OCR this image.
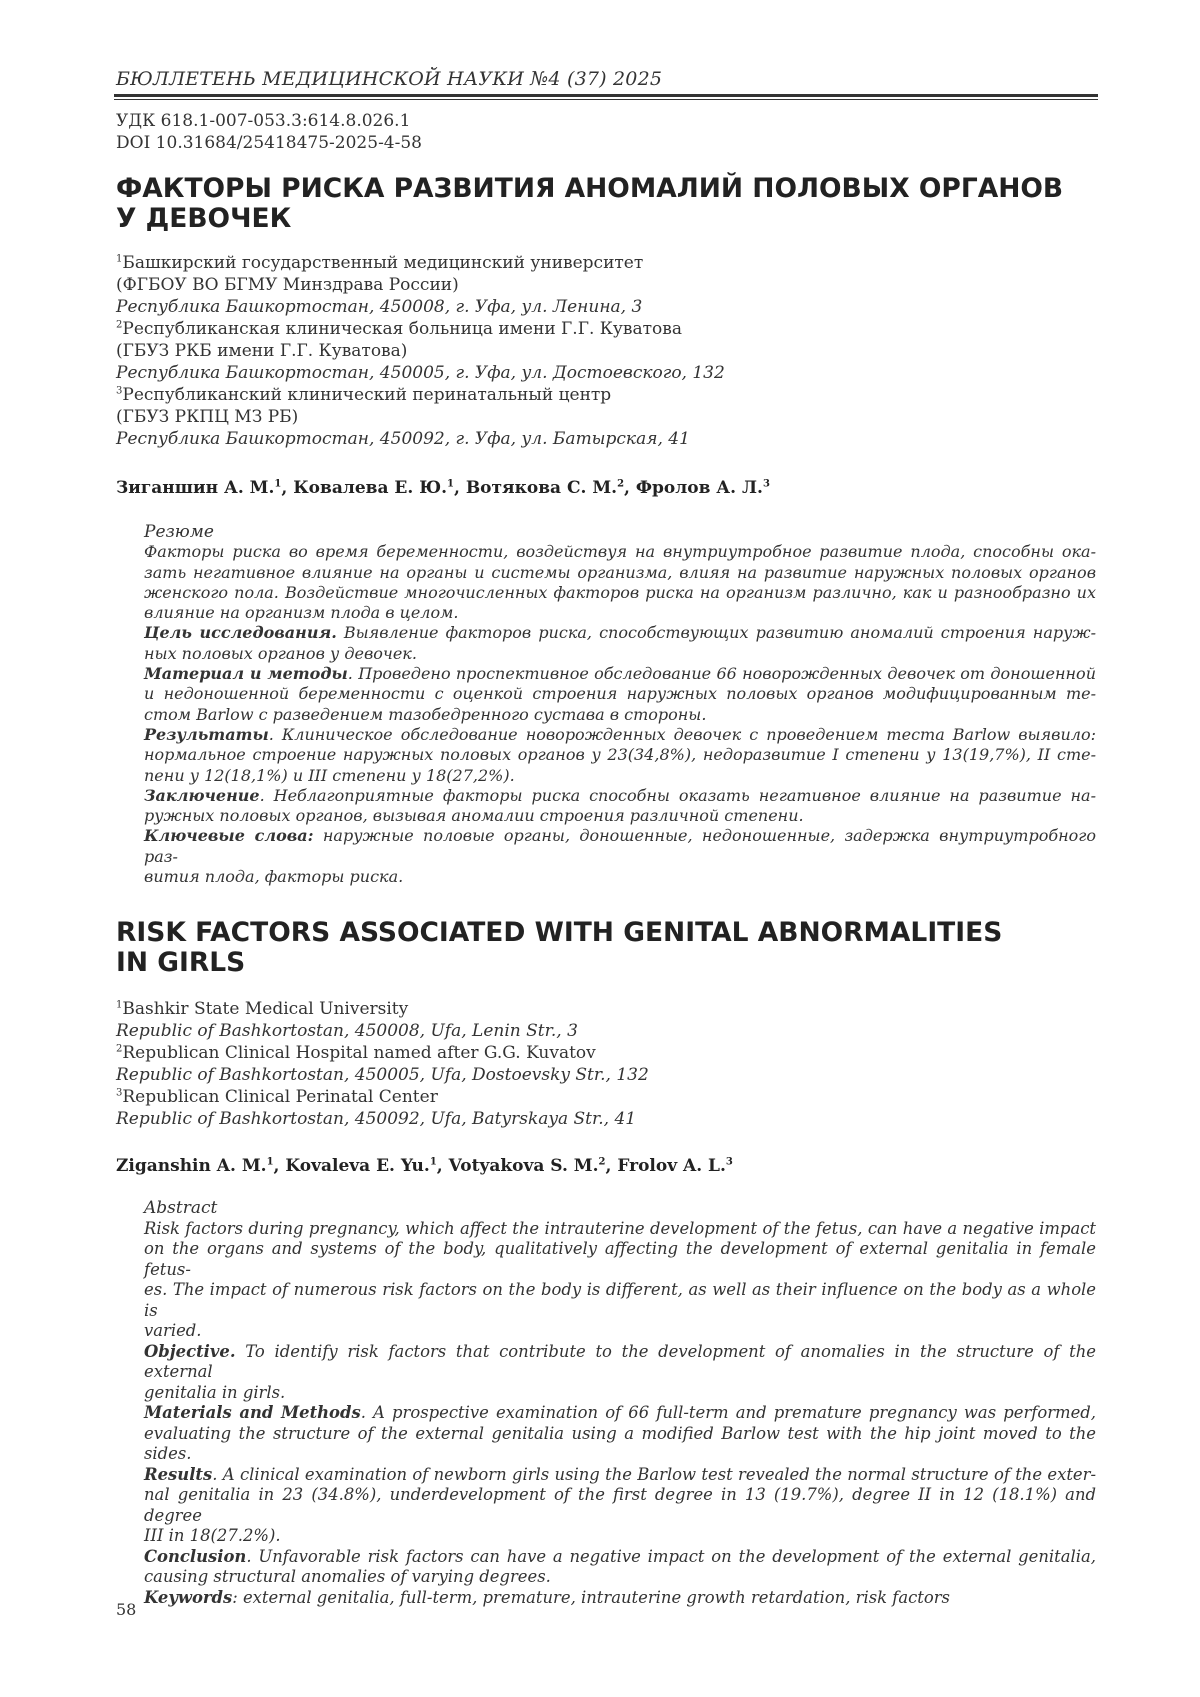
БЮЛЛЕТЕНЬ МЕДИЦИНСКОЙ НАУКИ №4 (37) 2025
УДК 618.1-007-053.3:614.8.026.1
DOI 10.31684/25418475-2025-4-58
ФАКТОРЫ РИСКА РАЗВИТИЯ АНОМАЛИЙ ПОЛОВЫХ ОРГАНОВ
У ДЕВОЧЕК
$^1$Башкирский государственный медицинский университет
(ФГБОУ ВО БГМУ Минздрава России)
Республика Башкортостан, 450008, г. Уфа, ул. Ленина, 3
$^2$Республиканская клиническая больница имени Г.Г. Куватова
(ГБУЗ РКБ имени Г.Г. Куватова)
Республика Башкортостан, 450005, г. Уфа, ул. Достоевского, 132
$^3$Республиканский клинический перинатальный центр
(ГБУЗ РКПЦ МЗ РБ)
Республика Башкортостан, 450092, г. Уфа, ул. Батырская, 41
Зиганшин А. М.$^1$, Ковалева Е. Ю.$^1$, Вотякова С. М.$^2$, Фролов А. Л.$^3$
Резюме
Факторы риска во время беременности, воздействуя на внутриутробное развитие плода, способны ока-
зать негативное влияние на органы и системы организма, влияя на развитие наружных половых органов
женского пола. Воздействие многочисленных факторов риска на организм различно, как и разнообразно их
влияние на организм плода в целом.
Цель исследования. Выявление факторов риска, способствующих развитию аномалий строения наруж-
ных половых органов у девочек.
Материал и методы. Проведено проспективное обследование 66 новорожденных девочек от доношенной
и недоношенной беременности с оценкой строения наружных половых органов модифицированным те-
стом Barlow с разведением тазобедренного сустава в стороны.
Результаты. Клиническое обследование новорожденных девочек с проведением теста Barlow выявило:
нормальное строение наружных половых органов у 23(34,8%), недоразвитие I степени у 13(19,7%), II сте-
пени у 12(18,1%) и III степени у 18(27,2%).
Заключение. Неблагоприятные факторы риска способны оказать негативное влияние на развитие на-
ружных половых органов, вызывая аномалии строения различной степени.
Ключевые слова: наружные половые органы, доношенные, недоношенные, задержка внутриутробного раз-
вития плода, факторы риска.
RISK FACTORS ASSOCIATED WITH GENITAL ABNORMALITIES
IN GIRLS
$^1$Bashkir State Medical University
Republic of Bashkortostan, 450008, Ufa, Lenin Str., 3
$^2$Republican Clinical Hospital named after G.G. Kuvatov
Republic of Bashkortostan, 450005, Ufa, Dostoevsky Str., 132
$^3$Republican Clinical Perinatal Center
Republic of Bashkortostan, 450092, Ufa, Batyrskaya Str., 41
Ziganshin A. M.$^1$, Kovaleva E. Yu.$^1$, Votyakova S. M.$^2$, Frolov A. L.$^3$
Abstract
Risk factors during pregnancy, which affect the intrauterine development of the fetus, can have a negative impact
on the organs and systems of the body, qualitatively affecting the development of external genitalia in female fetus-
es. The impact of numerous risk factors on the body is different, as well as their influence on the body as a whole is
varied.
Objective. To identify risk factors that contribute to the development of anomalies in the structure of the external
genitalia in girls.
Materials and Methods. A prospective examination of 66 full-term and premature pregnancy was performed,
evaluating the structure of the external genitalia using a modified Barlow test with the hip joint moved to the sides.
Results. A clinical examination of newborn girls using the Barlow test revealed the normal structure of the exter-
nal genitalia in 23 (34.8%), underdevelopment of the first degree in 13 (19.7%), degree II in 12 (18.1%) and degree
III in 18(27.2%).
Conclusion. Unfavorable risk factors can have a negative impact on the development of the external genitalia,
causing structural anomalies of varying degrees.
Keywords: external genitalia, full-term, premature, intrauterine growth retardation, risk factors
58
